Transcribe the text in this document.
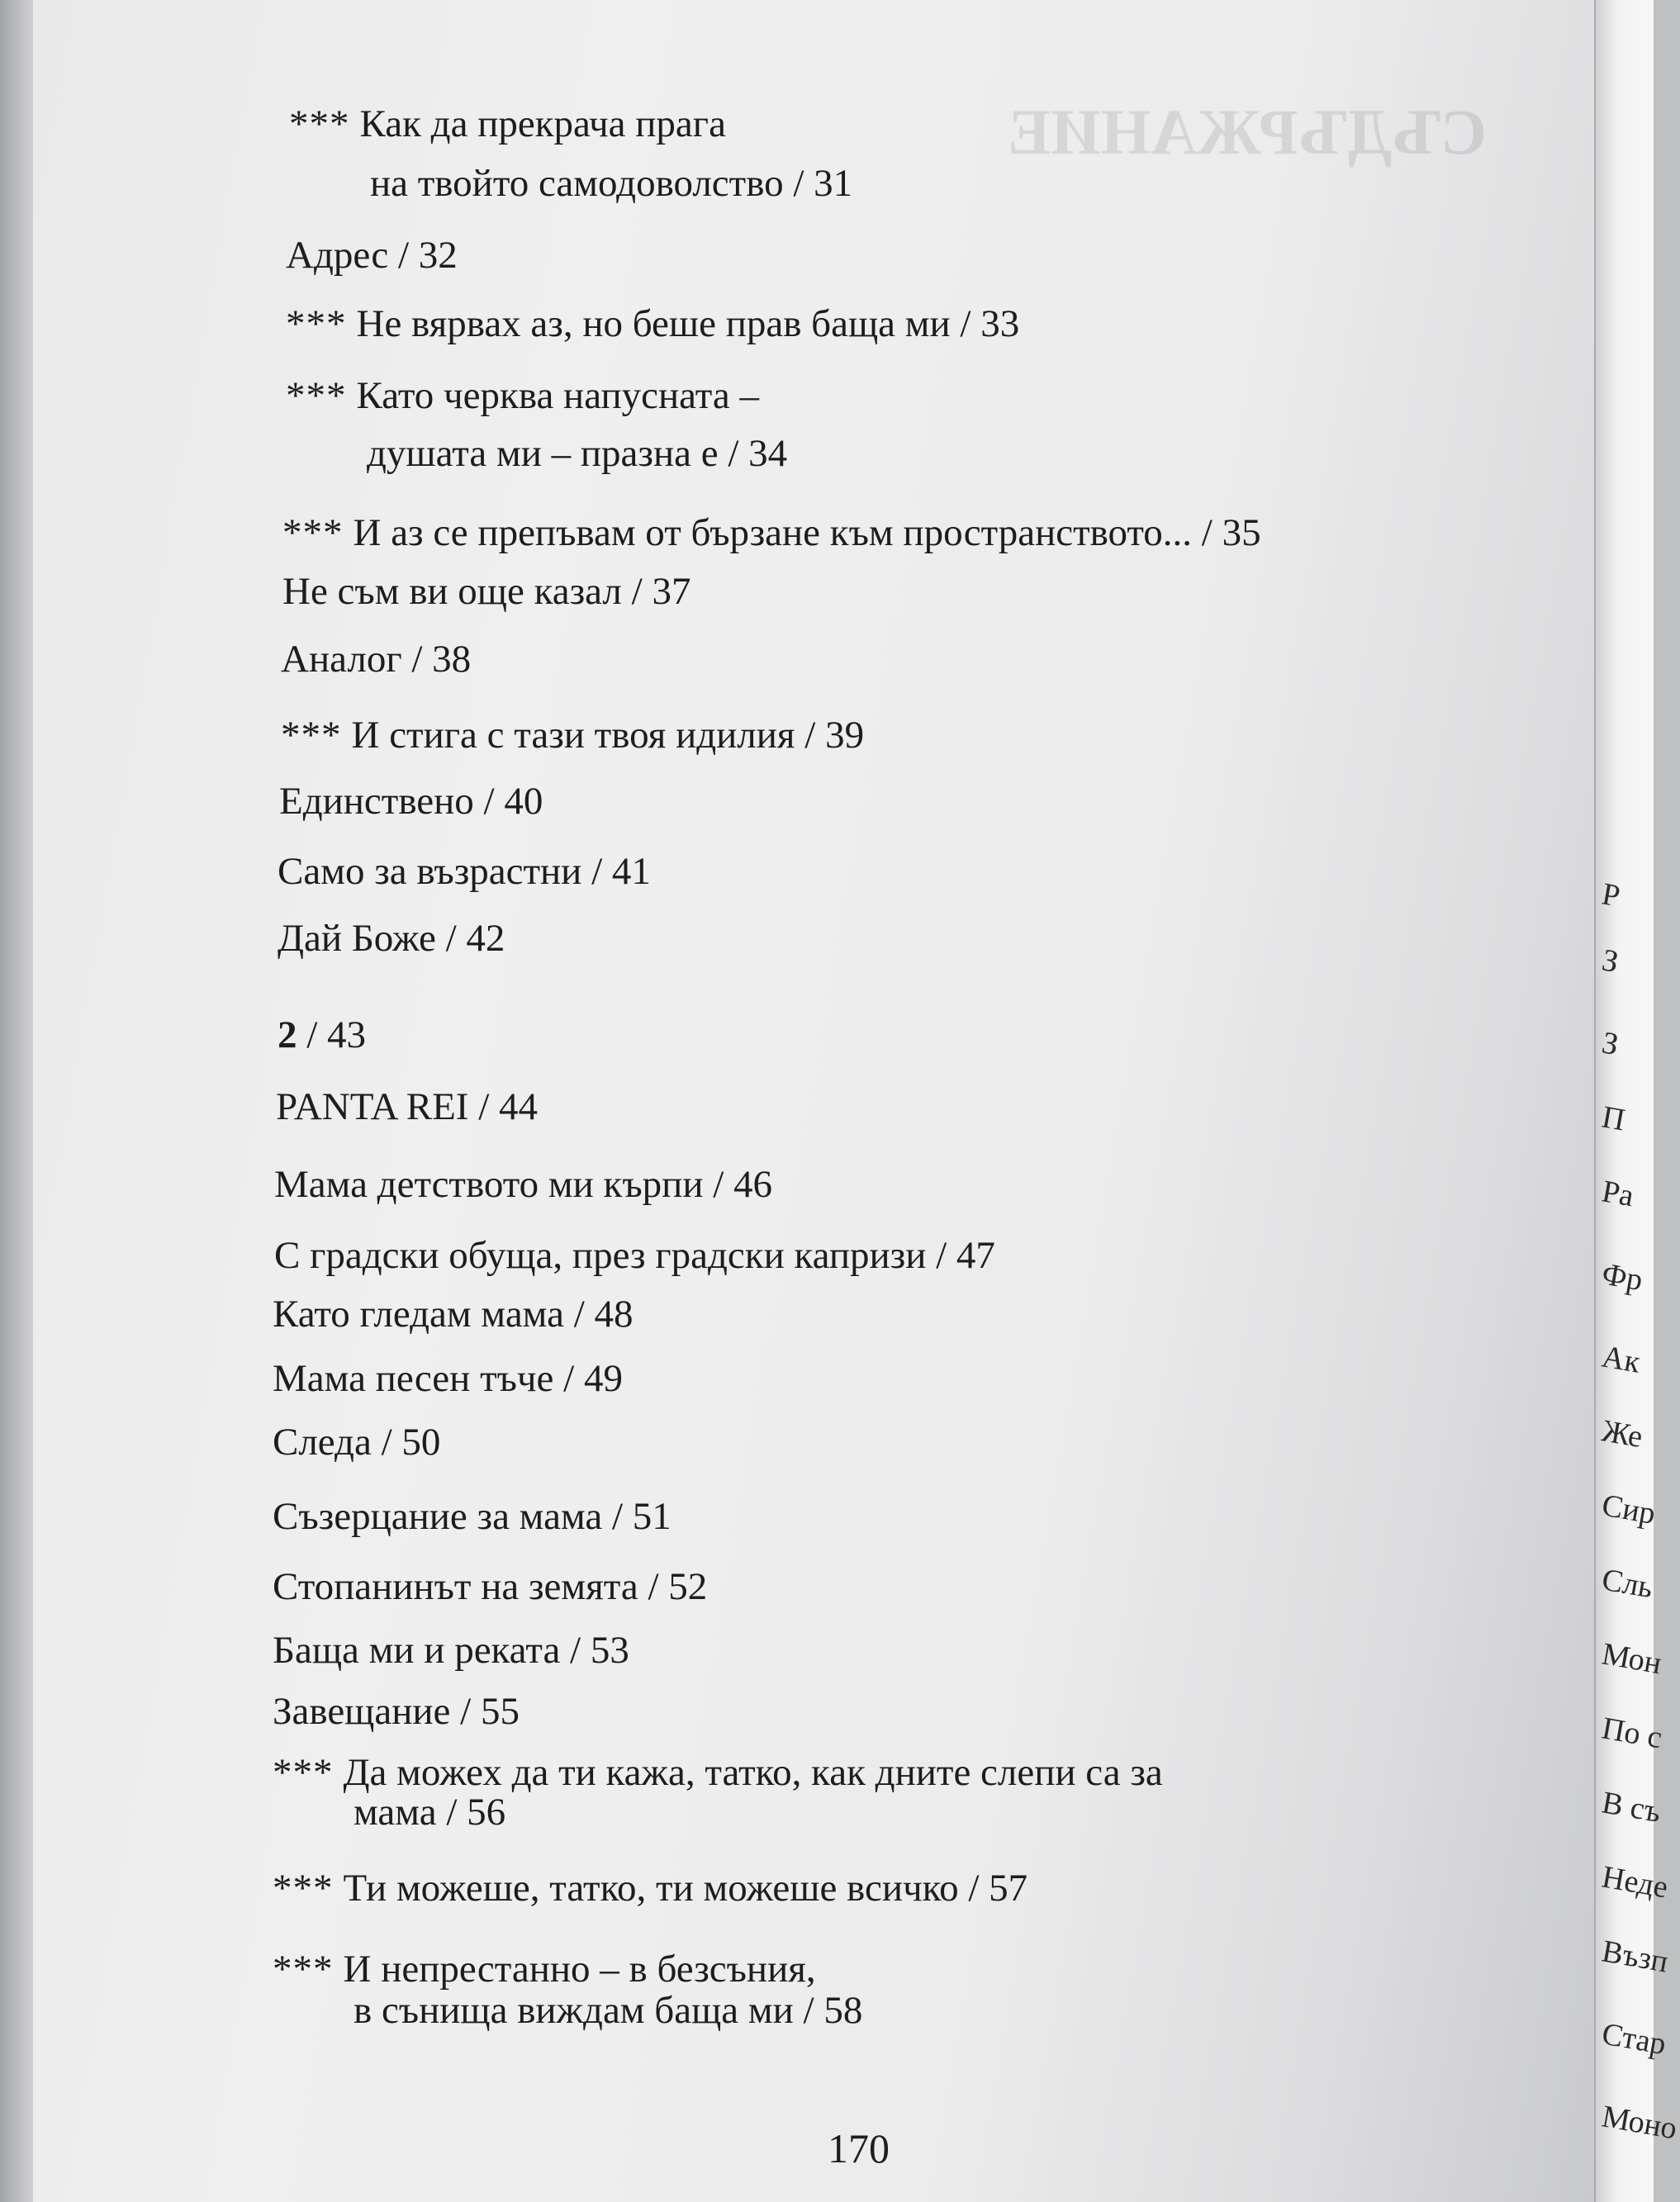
СЪДЪРЖАНИЕ
*** Как да прекрача прага
на твойто самодоволство / 31
Адрес / 32
*** Не вярвах аз, но беше прав баща ми / 33
*** Като черква напусната –
душата ми – празна е / 34
*** И аз се препъвам от бързане към пространството... / 35
Не съм ви още казал / 37
Аналог / 38
*** И стига с тази твоя идилия / 39
Единствено / 40
Само за възрастни / 41
Дай Боже / 42
2 / 43
PANTA REI / 44
Мама детството ми кърпи / 46
С градски обуща, през градски капризи / 47
Като гледам мама / 48
Мама песен тъче / 49
Следа / 50
Съзерцание за мама / 51
Стопанинът на земята / 52
Баща ми и реката / 53
Завещание / 55
*** Да можех да ти кажа, татко, как дните слепи са за
мама / 56
*** Ти можеше, татко, ти можеше всичко / 57
*** И непрестанно – в безсъния,
в сънища виждам баща ми / 58
170
Р
З
З
П
Ра
Фр
Ак
Же
Сир
Сль
Мон
По с
В съ
Неде
Възп
Стар
Моно
